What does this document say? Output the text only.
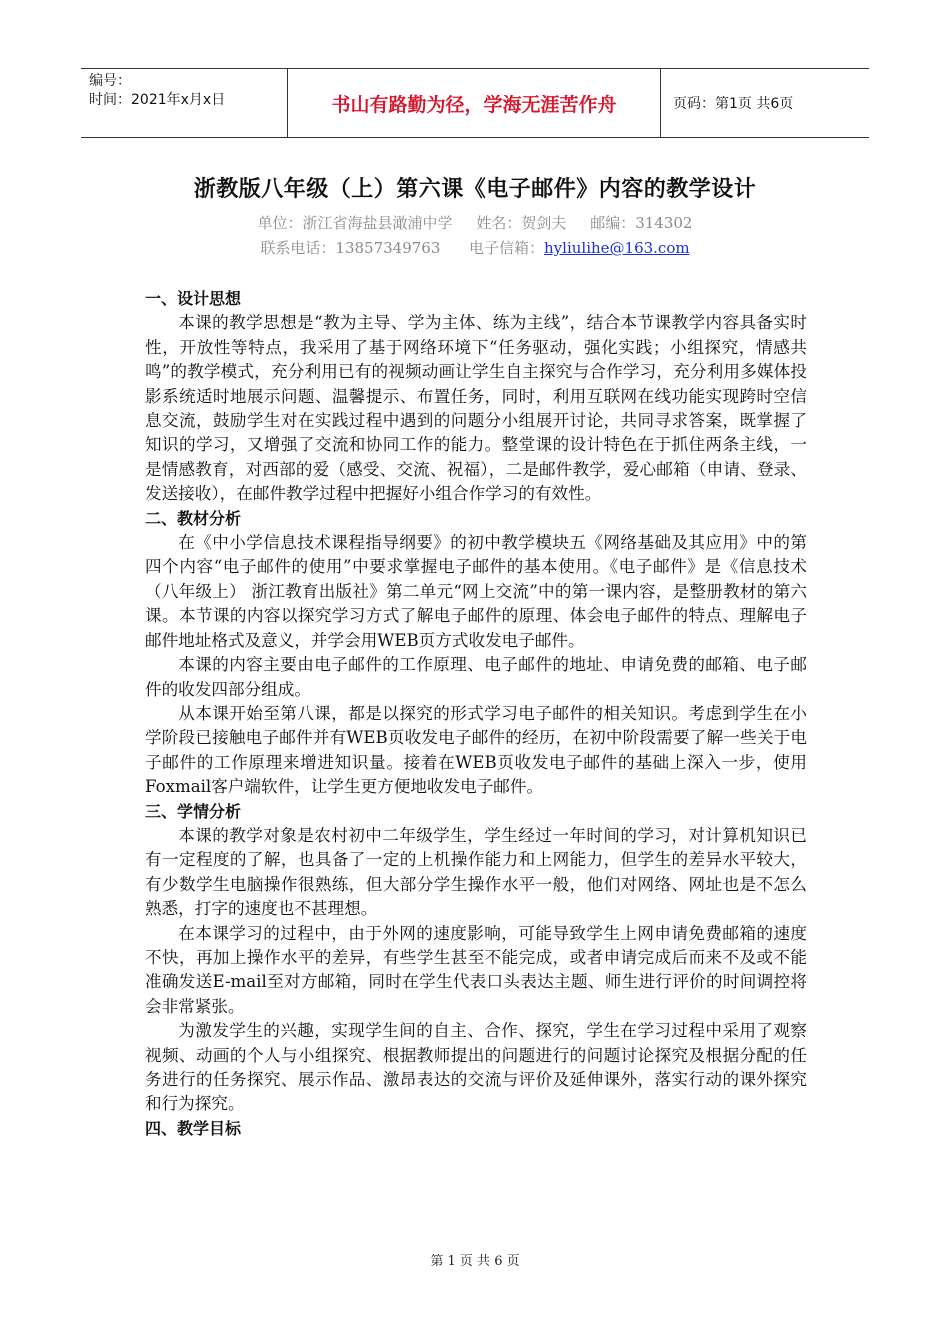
编号：
时间：2021年x月x日	书山有路勤为径，学海无涯苦作舟	页码：第1页 共6页
浙教版八年级（上）第六课《电子邮件》内容的教学设计
单位：浙江省海盐县澉浦中学     姓名：贺剑夫     邮编：314302
联系电话：13857349763 电子信箱：hyliulihe@163.com
一、设计思想

本课的教学思想是“教为主导、学为主体、练为主线”，结合本节课教学内容具备实时性，开放性等特点，我采用了基于网络环境下“任务驱动，强化实践；小组探究，情感共鸣”的教学模式，充分利用已有的视频动画让学生自主探究与合作学习，充分利用多媒体投影系统适时地展示问题、温馨提示、布置任务，同时，利用互联网在线功能实现跨时空信息交流，鼓励学生对在实践过程中遇到的问题分小组展开讨论，共同寻求答案，既掌握了知识的学习，又增强了交流和协同工作的能力。整堂课的设计特色在于抓住两条主线，一是情感教育，对西部的爱（感受、交流、祝福），二是邮件教学，爱心邮箱（申请、登录、发送接收），在邮件教学过程中把握好小组合作学习的有效性。

二、教材分析

在《中小学信息技术课程指导纲要》的初中教学模块五《网络基础及其应用》中的第四个内容“电子邮件的使用”中要求掌握电子邮件的基本使用。《电子邮件》是《信息技术（八年级上） 浙江教育出版社》第二单元“网上交流”中的第一课内容，是整册教材的第六课。本节课的内容以探究学习方式了解电子邮件的原理、体会电子邮件的特点、理解电子邮件地址格式及意义，并学会用WEB页方式收发电子邮件。

本课的内容主要由电子邮件的工作原理、电子邮件的地址、申请免费的邮箱、电子邮件的收发四部分组成。

从本课开始至第八课，都是以探究的形式学习电子邮件的相关知识。考虑到学生在小学阶段已接触电子邮件并有WEB页收发电子邮件的经历，在初中阶段需要了解一些关于电子邮件的工作原理来增进知识量。接着在WEB页收发电子邮件的基础上深入一步，使用Foxmail客户端软件，让学生更方便地收发电子邮件。

三、学情分析

本课的教学对象是农村初中二年级学生，学生经过一年时间的学习，对计算机知识已有一定程度的了解，也具备了一定的上机操作能力和上网能力，但学生的差异水平较大，有少数学生电脑操作很熟练，但大部分学生操作水平一般，他们对网络、网址也是不怎么熟悉，打字的速度也不甚理想。

在本课学习的过程中，由于外网的速度影响，可能导致学生上网申请免费邮箱的速度不快，再加上操作水平的差异，有些学生甚至不能完成，或者申请完成后而来不及或不能准确发送E-mail至对方邮箱，同时在学生代表口头表达主题、师生进行评价的时间调控将会非常紧张。

为激发学生的兴趣，实现学生间的自主、合作、探究，学生在学习过程中采用了观察视频、动画的个人与小组探究、根据教师提出的问题进行的问题讨论探究及根据分配的任务进行的任务探究、展示作品、激昂表达的交流与评价及延伸课外，落实行动的课外探究和行为探究。

四、教学目标
第 1 页 共 6 页
